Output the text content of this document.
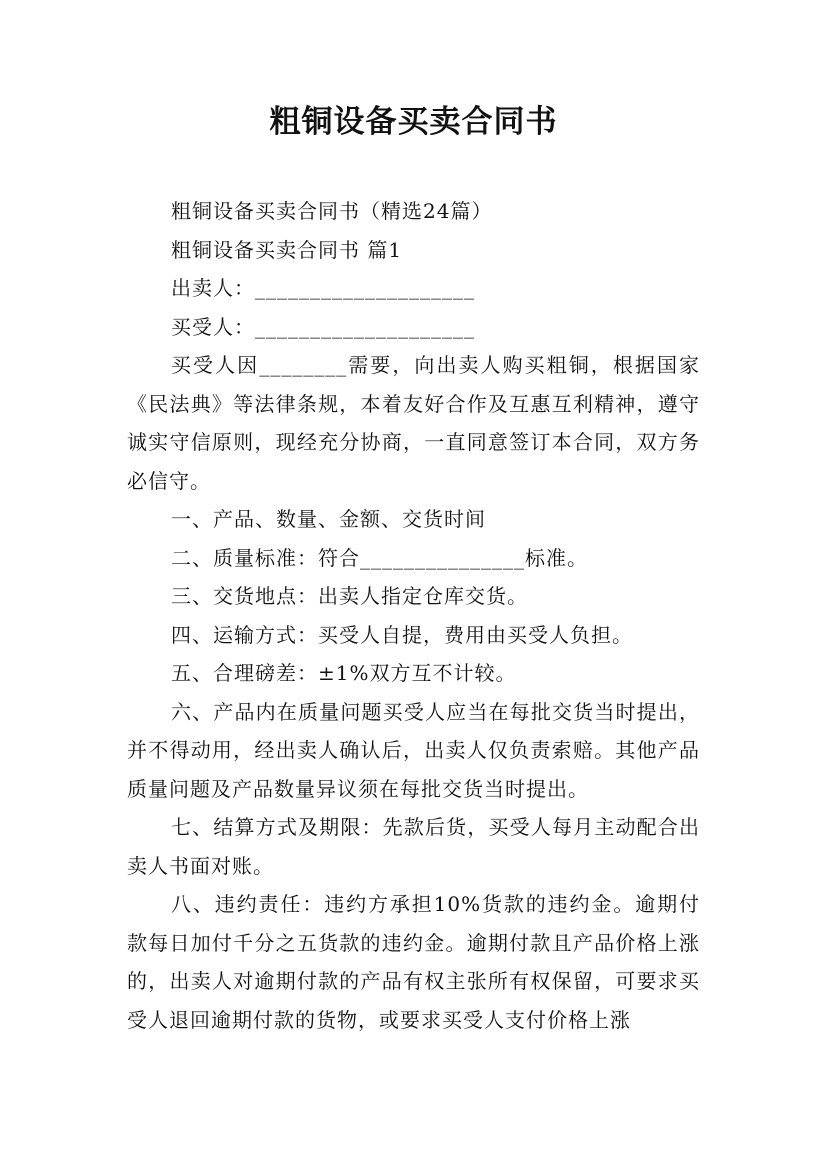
粗铜设备买卖合同书

粗铜设备买卖合同书（精选24篇）

粗铜设备买卖合同书 篇1

出卖人：____________________

买受人：____________________

买受人因________需要，向出卖人购买粗铜，根据国家《民法典》等法律条规，本着友好合作及互惠互利精神，遵守诚实守信原则，现经充分协商，一直同意签订本合同，双方务必信守。

一、产品、数量、金额、交货时间

二、质量标准：符合_______________标准。

三、交货地点：出卖人指定仓库交货。

四、运输方式：买受人自提，费用由买受人负担。

五、合理磅差：±1%双方互不计较。

六、产品内在质量问题买受人应当在每批交货当时提出，并不得动用，经出卖人确认后，出卖人仅负责索赔。其他产品质量问题及产品数量异议须在每批交货当时提出。

七、结算方式及期限：先款后货，买受人每月主动配合出卖人书面对账。

八、违约责任：违约方承担10%货款的违约金。逾期付款每日加付千分之五货款的违约金。逾期付款且产品价格上涨的，出卖人对逾期付款的产品有权主张所有权保留，可要求买受人退回逾期付款的货物，或要求买受人支付价格上涨
